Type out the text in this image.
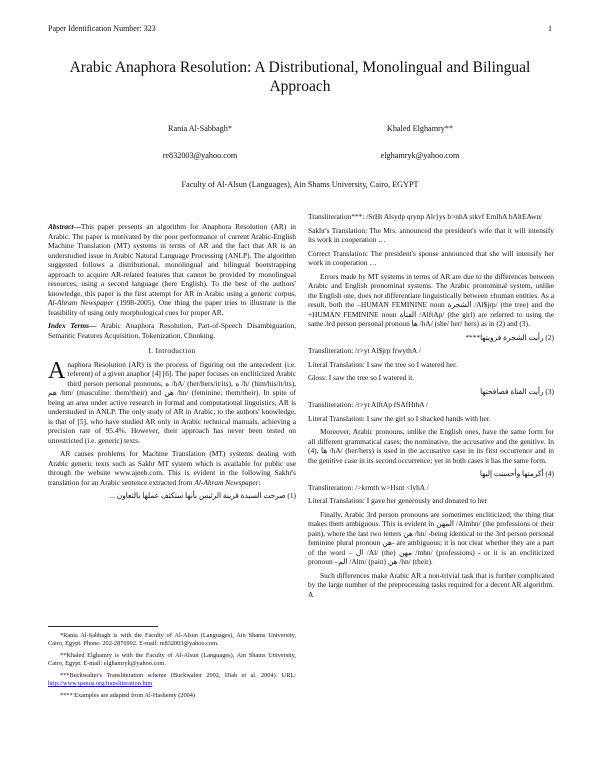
Paper Identification Number: 323	1
Arabic Anaphora Resolution: A Distributional, Monolingual and Bilingual Approach
Rania Al-Sabbagh*	Khaled Elghamry**
re832003@yahoo.com	elghamryk@yahoo.com
Faculty of Al-Alsun (Languages), Ain Shams University, Cairo, EGYPT

Abstract—This paper presents an algorithm for Anaphora Resolution (AR) in Arabic. The paper is motivated by the poor performance of current Arabic-English Machine Translation (MT) systems in terms of AR and the fact that AR is an understudied issue in Arabic Natural Language Processing (ANLP). The algorithm suggested follows a distributional, monolingual and bilingual bootstrapping approach to acquire AR-related features that cannot be provided by monolingual resources, using a second language (here English). To the best of the authors' knowledge, this paper is the first attempt for AR in Arabic using a generic corpus, Al-Ahram Newspaper (1998-2005). One thing the paper tries to illustrate is the feasibility of using only morphological cues for proper AR.

Index Terms— Arabic Anaphora Resolution, Part-of-Speech Disambiguation, Semantic Features Acquisition, Tokenization, Chunking.

I. Introduction

Anaphora Resolution (AR) is the process of figuring out the antecedent (i.e. referent) of a given anaphor [4] [6]. The paper focuses on encliticized Arabic third person personal pronouns, ه /hA/ (her/hers/it/its), ه /h/ (him/his/it/its), هم /hm/ (masculine: them/their) and هن /hn/ (feminine: them/their). In spite of being an area under active research in formal and computational linguistics, AR is understudied in ANLP. The only study of AR in Arabic, to the authors' knowledge, is that of [5], who have studied AR only in Arabic technical manuals, achieving a precision rate of 95.4%. However, their approach has never been tested on unrestricted (i.e. generic) texts.

AR causes problems for Machine Translation (MT) systems dealing with Arabic generic texts such as Sakhr MT system which is available for public use through the website www.ajeeb.com. This is evident in the following Sakhr's translation for an Arabic sentence extracted from Al-Ahram Newspaper:

(1) صرحت السيدة قرينة الرئيس بأنها ستكثف عملها بالتعاون ...

*Rania Al-Sabbagh is with the Faculty of Al-Alsun (Languages), Ain Shams University, Cairo, Egypt. Phone: 202-2876992. E-mail: re832003@yahoo.com.

**Khaled Elghamry is with the Faculty of Al-Alsun (Languages), Ain Shams University, Cairo, Egypt. E-mail: elghamryk@yahoo.com.

***Buckwalter's Transliteration scheme (Buckwalter 2002, Diab et al. 2004). URL: http://www.qamus.org/transliteration.htm

**** Examples are adapted from Al-Hashemy (2004)

Transliteration***: /SrHt Alsydp qrynp Alr}ys b>nhA stkvf EmlhA bAltEAwn/

Sakhr's Translation: The Mrs. announced the president's wife that it will intensify its work in cooperation …

Correct Translation: The president's spouse announced that she will intensify her work in cooperation …

Errors made by MT systems in terms of AR are due to the differences between Arabic and English pronominal systems. The Arabic pronominal system, unlike the English one, does not differentiate linguistically between ±human entities. As a result, both the –HUMAN FEMININE noun الشجرة /Al$jrp/ (the tree) and the +HUMAN FEMININE noun الفتاة /AlftAp/ (the girl) are referred to using the same 3rd person personal pronoun ها /hA/ (she/ her/ hers) as in (2) and (3).

(2) رأيت الشجرة فرويتها****

Transliteration: /r>yt Al$jrp frwythA /

Literal Translation: I saw the tree so I watered her.

Gloss: I saw the tree so I watered it.

(3) رأيت الفتاة فصافحتها

Transliteration: /r>yt AlftAp fSAfHthA /

Literal Translation: I saw the girl so I shacked hands with her.

Moreover, Arabic pronouns, unlike the English ones, have the same form for all different grammatical cases; the nominative, the accusative and the genitive. In (4), ها /hA/ (her/hers) is used in the accusative case in its first occurrence and in the genitive case in its second occurrence; yet in both cases it has the same form.

(4) أكرمتها وأحسنت إليها

Transliteration: />krmth w>Hsnt <lyhA /

Literal Translation: I gave her generously and donated to her

Finally, Arabic 3rd person pronouns are sometimes encliticized; the thing that makes them ambiguous. This is evident in المهن /Almhn/ (the professions or their pain), where the last two letters هن /hn/ -being identical to the 3rd person personal feminine plural pronoun هن- are ambiguous; it is not clear whether they are a part of the word – ال /Al/ (the) مهن /mhn/ (professions) - or it is an encliticized pronoun –الم /Alm/ (pain) هن /hn/ (their).

Such differences make Arabic AR a non-trivial task that is further complicated by the large number of the preprocessing tasks required for a decent AR algorithm. A
